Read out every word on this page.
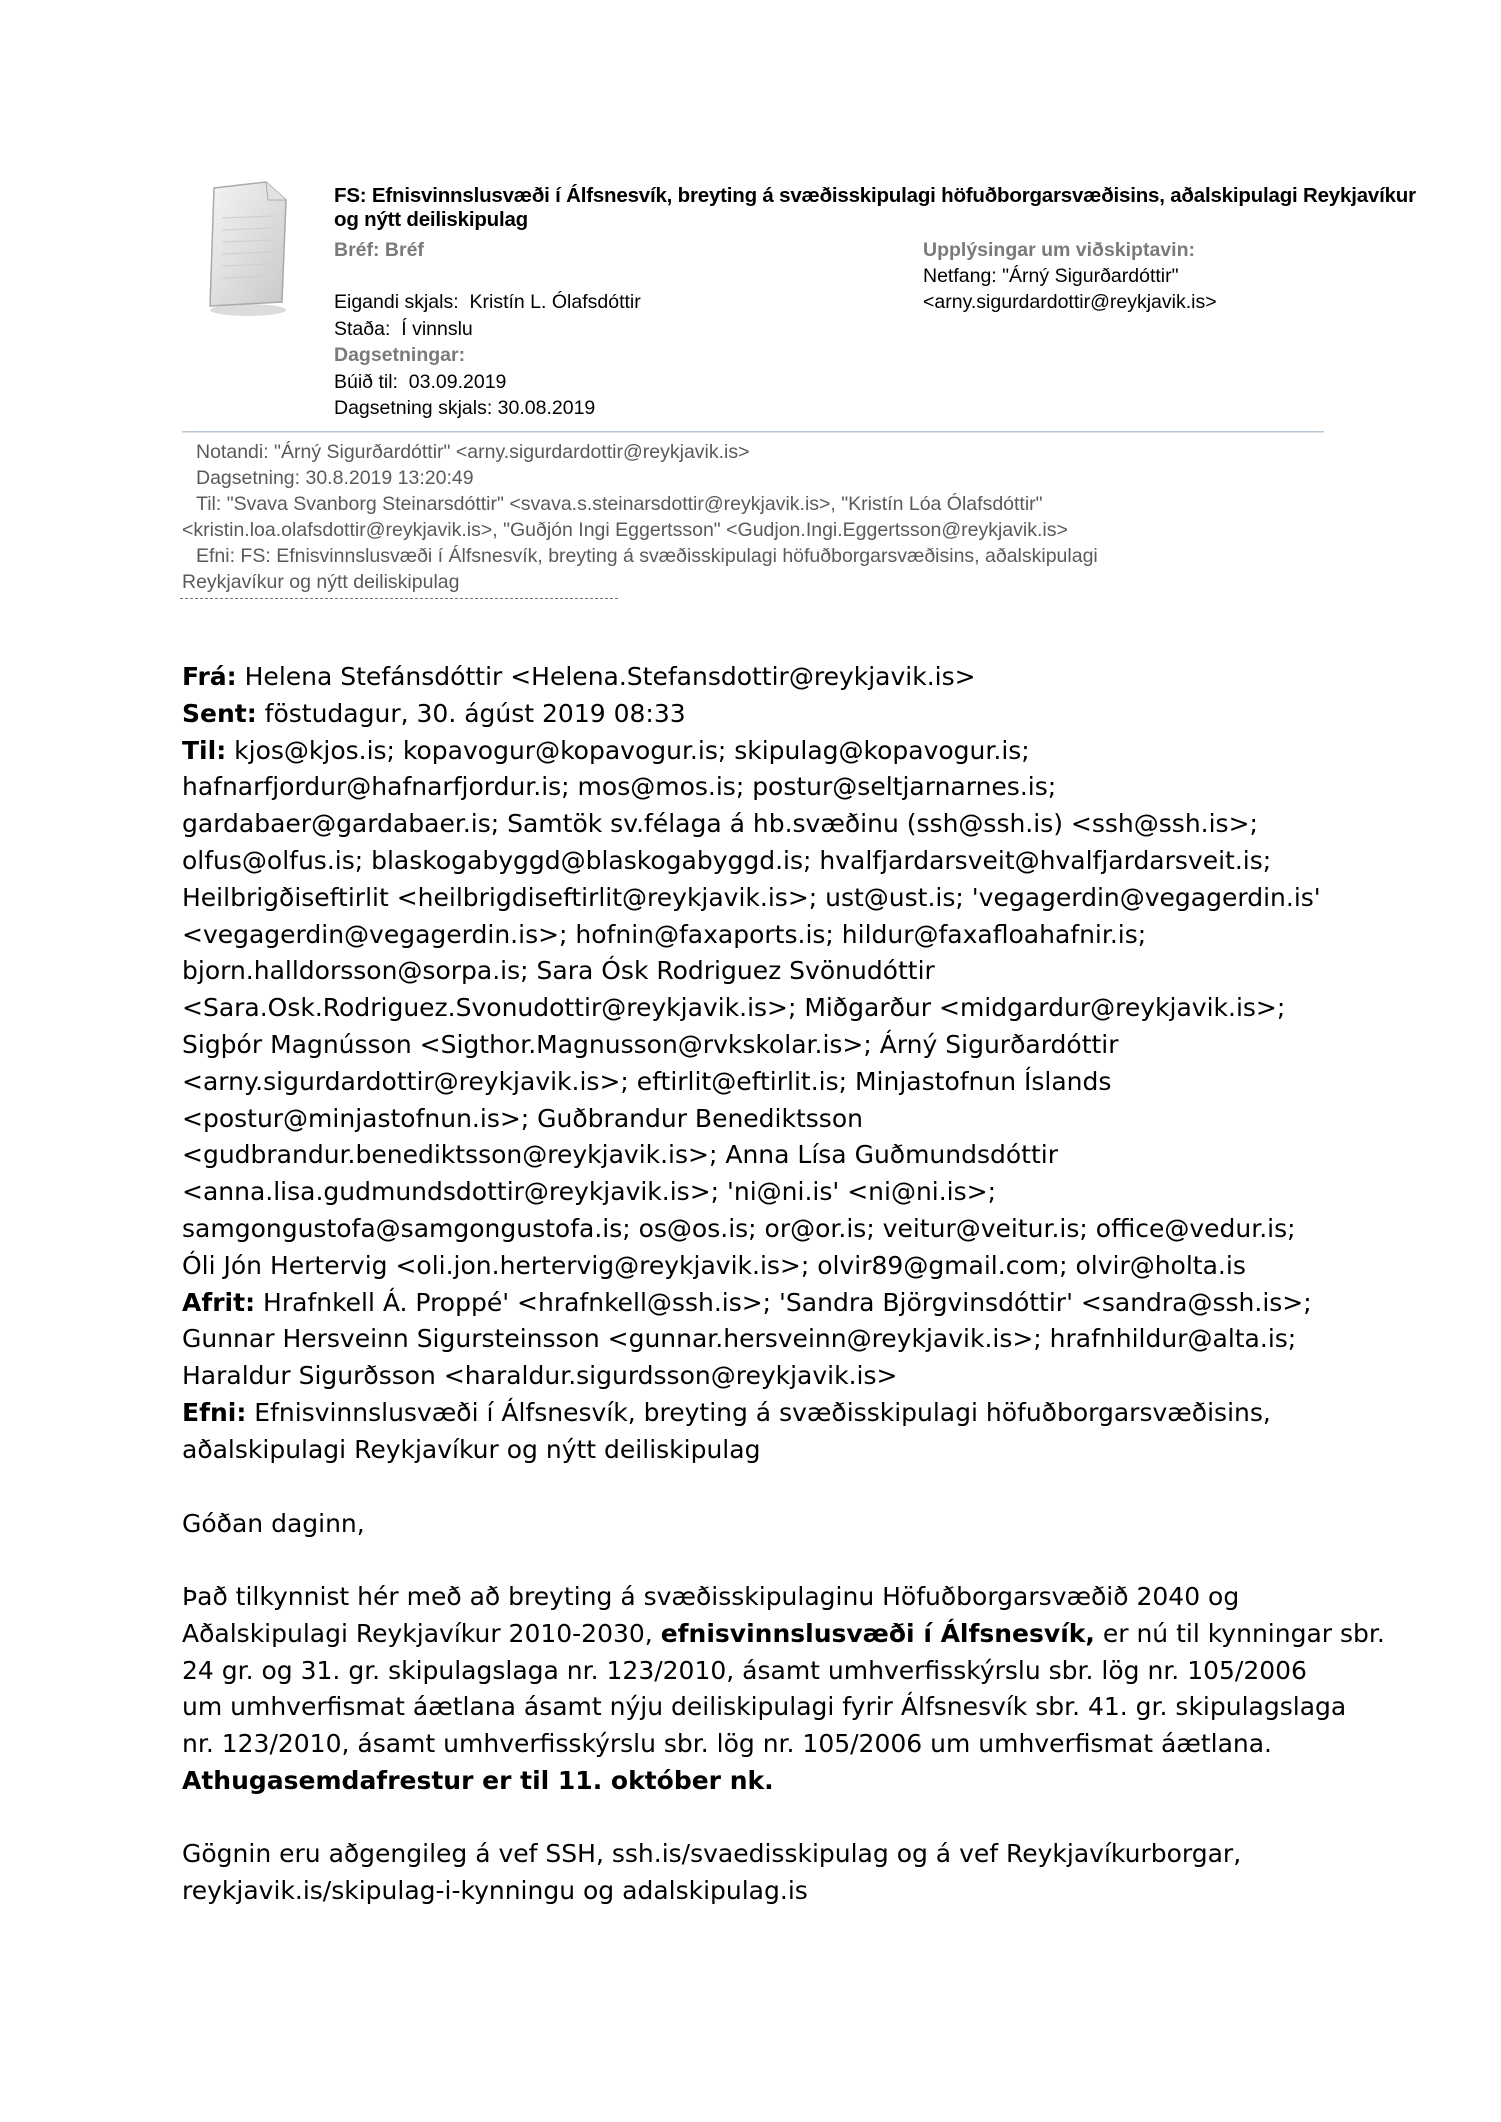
FS: Efnisvinnslusvæði í Álfsnesvík, breyting á svæðisskipulagi höfuðborgarsvæðisins, aðalskipulagi Reykjavíkur
og nýtt deiliskipulag
Bréf: Bréf
Eigandi skjals: Kristín L. Ólafsdóttir
Staða: Í vinnslu
Dagsetningar:
Búið til: 03.09.2019
Dagsetning skjals: 30.08.2019
Upplýsingar um viðskiptavin:
Netfang: "Árný Sigurðardóttir"
<arny.sigurdardottir@reykjavik.is>
Notandi: "Árný Sigurðardóttir" <arny.sigurdardottir@reykjavik.is>
Dagsetning: 30.8.2019 13:20:49
Til: "Svava Svanborg Steinarsdóttir" <svava.s.steinarsdottir@reykjavik.is>, "Kristín Lóa Ólafsdóttir"
<kristin.loa.olafsdottir@reykjavik.is>, "Guðjón Ingi Eggertsson" <Gudjon.Ingi.Eggertsson@reykjavik.is>
Efni: FS: Efnisvinnslusvæði í Álfsnesvík, breyting á svæðisskipulagi höfuðborgarsvæðisins, aðalskipulagi
Reykjavíkur og nýtt deiliskipulag
Frá: Helena Stefánsdóttir <Helena.Stefansdottir@reykjavik.is>
Sent: föstudagur, 30. ágúst 2019 08:33
Til: kjos@kjos.is; kopavogur@kopavogur.is; skipulag@kopavogur.is;
hafnarfjordur@hafnarfjordur.is; mos@mos.is; postur@seltjarnarnes.is;
gardabaer@gardabaer.is; Samtök sv.félaga á hb.svæðinu (ssh@ssh.is) <ssh@ssh.is>;
olfus@olfus.is; blaskogabyggd@blaskogabyggd.is; hvalfjardarsveit@hvalfjardarsveit.is;
Heilbrigðiseftirlit <heilbrigdiseftirlit@reykjavik.is>; ust@ust.is; 'vegagerdin@vegagerdin.is'
<vegagerdin@vegagerdin.is>; hofnin@faxaports.is; hildur@faxafloahafnir.is;
bjorn.halldorsson@sorpa.is; Sara Ósk Rodriguez Svönudóttir
<Sara.Osk.Rodriguez.Svonudottir@reykjavik.is>; Miðgarður <midgardur@reykjavik.is>;
Sigþór Magnússon <Sigthor.Magnusson@rvkskolar.is>; Árný Sigurðardóttir
<arny.sigurdardottir@reykjavik.is>; eftirlit@eftirlit.is; Minjastofnun Íslands
<postur@minjastofnun.is>; Guðbrandur Benediktsson
<gudbrandur.benediktsson@reykjavik.is>; Anna Lísa Guðmundsdóttir
<anna.lisa.gudmundsdottir@reykjavik.is>; 'ni@ni.is' <ni@ni.is>;
samgongustofa@samgongustofa.is; os@os.is; or@or.is; veitur@veitur.is; office@vedur.is;
Óli Jón Hertervig <oli.jon.hertervig@reykjavik.is>; olvir89@gmail.com; olvir@holta.is
Afrit: Hrafnkell Á. Proppé' <hrafnkell@ssh.is>; 'Sandra Björgvinsdóttir' <sandra@ssh.is>;
Gunnar Hersveinn Sigursteinsson <gunnar.hersveinn@reykjavik.is>; hrafnhildur@alta.is;
Haraldur Sigurðsson <haraldur.sigurdsson@reykjavik.is>
Efni: Efnisvinnslusvæði í Álfsnesvík, breyting á svæðisskipulagi höfuðborgarsvæðisins,
aðalskipulagi Reykjavíkur og nýtt deiliskipulag
Góðan daginn,
Það tilkynnist hér með að breyting á svæðisskipulaginu Höfuðborgarsvæðið 2040 og
Aðalskipulagi Reykjavíkur 2010-2030, efnisvinnslusvæði í Álfsnesvík, er nú til kynningar sbr.
24 gr. og 31. gr. skipulagslaga nr. 123/2010, ásamt umhverfisskýrslu sbr. lög nr. 105/2006
um umhverfismat áætlana ásamt nýju deiliskipulagi fyrir Álfsnesvík sbr. 41. gr. skipulagslaga
nr. 123/2010, ásamt umhverfisskýrslu sbr. lög nr. 105/2006 um umhverfismat áætlana.
Athugasemdafrestur er til 11. október nk.
Gögnin eru aðgengileg á vef SSH, ssh.is/svaedisskipulag og á vef Reykjavíkurborgar,
reykjavik.is/skipulag-i-kynningu og adalskipulag.is
